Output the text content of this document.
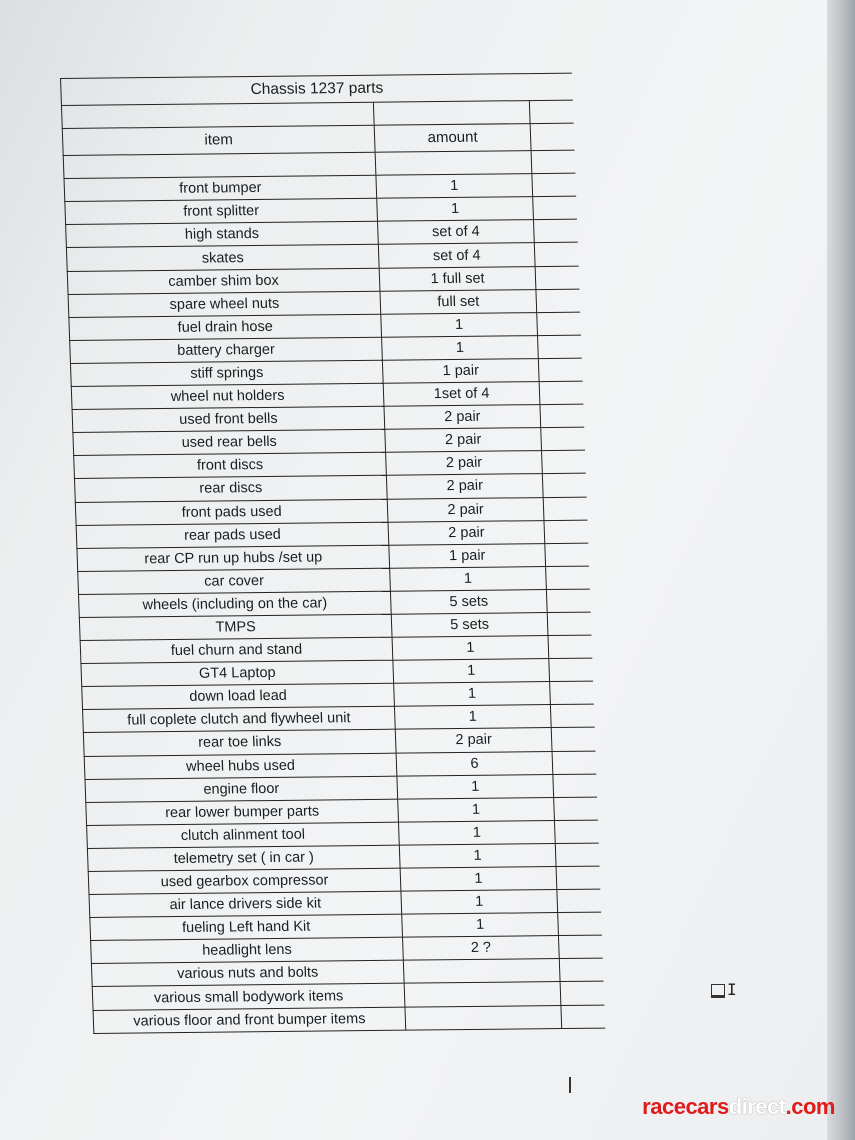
Chassis 1237 parts		

item	amount	

front bumper	1	
front splitter	1	
high stands	set of 4	
skates	set of 4	
camber shim box	1 full set	
spare wheel nuts	full set	
fuel drain hose	1	
battery charger	1	
stiff springs	1 pair	
wheel nut holders	1set of 4	
used front bells	2 pair	
used rear bells	2 pair	
front discs	2 pair	
rear discs	2 pair	
front pads used	2 pair	
rear pads used	2 pair	
rear CP run up hubs /set up	1 pair	
car cover	1	
wheels (including on the car)	5 sets	
TMPS	5 sets	
fuel churn and stand	1	
GT4 Laptop	1	
down load lead	1	
full coplete clutch and flywheel unit	1	
rear toe links	2 pair	
wheel hubs used	6	
engine floor	1	
rear lower bumper parts	1	
clutch alinment tool	1	
telemetry set ( in car )	1	
used gearbox compressor	1	
air lance drivers side kit	1	
fueling Left hand Kit	1	
headlight lens	2 ?	
various nuts and bolts		
various small bodywork items		
various floor and front bumper items		
I
racecarsdirect.com
